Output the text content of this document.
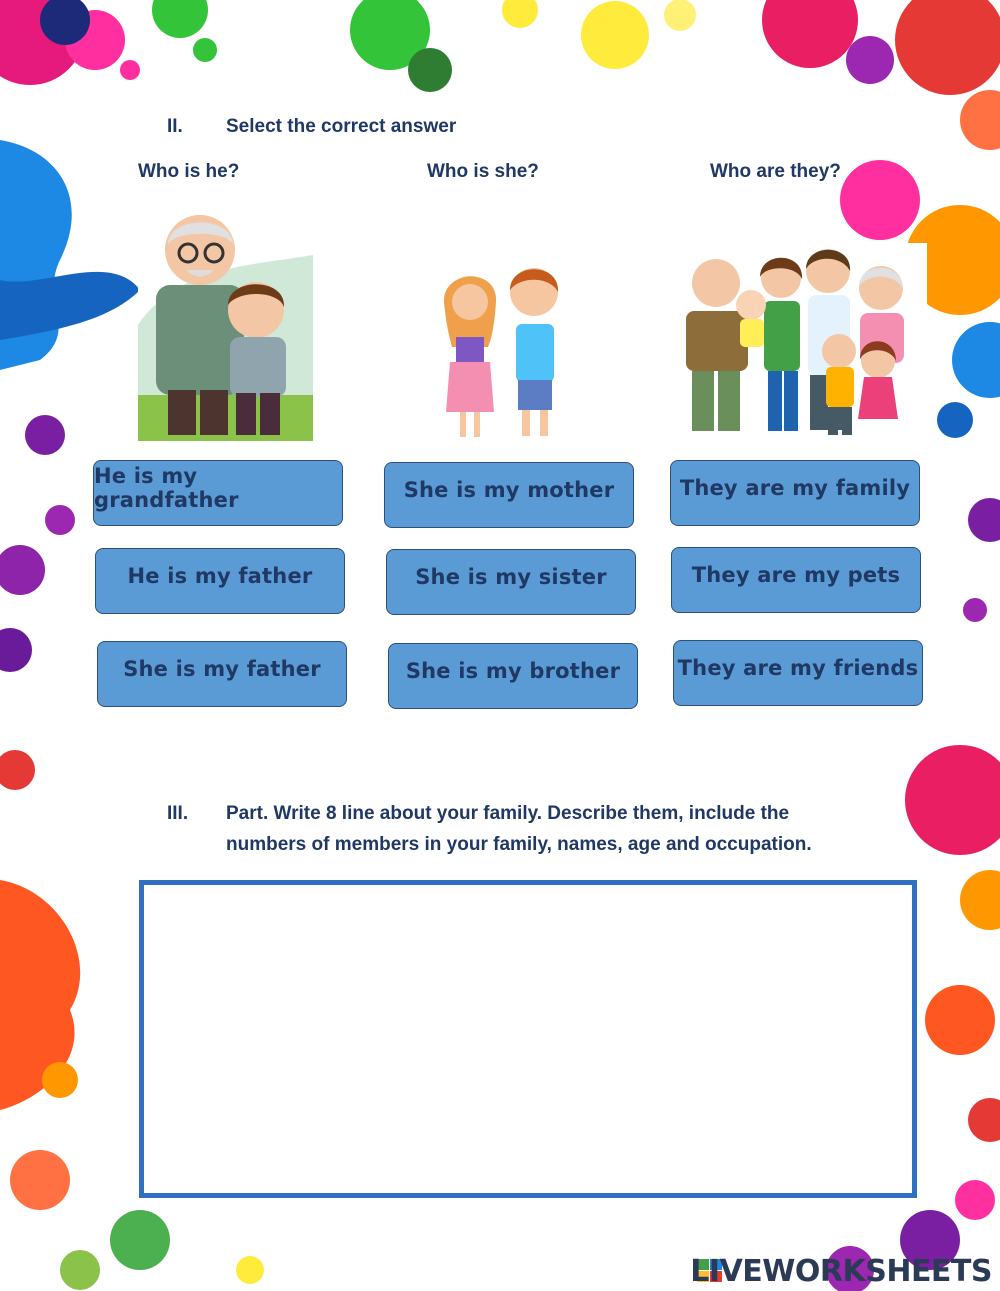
II. Select the correct answer
Who is he?	Who is she?	Who are they?
He is my grandfather
He is my father
She is my father
She is my mother
She is my sister
She is my brother
They are my family
They are my pets
They are my friends
III. Part. Write 8 line about your family. Describe them, include the
numbers of members in your family, names, age and occupation.
LIVEWORKSHEETS
